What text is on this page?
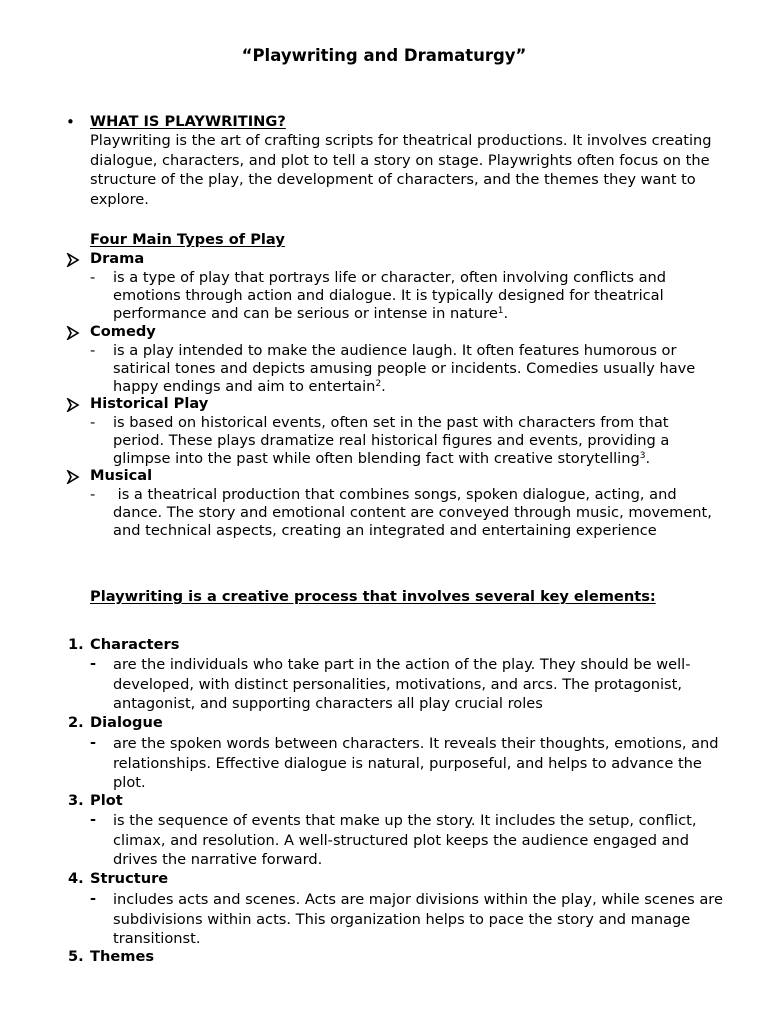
“Playwriting and Dramaturgy”
• WHAT IS PLAYWRITING?
Playwriting is the art of crafting scripts for theatrical productions. It involves creating dialogue, characters, and plot to tell a story on stage. Playwrights often focus on the structure of the play, the development of characters, and the themes they want to explore.
Four Main Types of Play
Drama
- is a type of play that portrays life or character, often involving conflicts and emotions through action and dialogue. It is typically designed for theatrical performance and can be serious or intense in nature$^1$.
Comedy
- is a play intended to make the audience laugh. It often features humorous or satirical tones and depicts amusing people or incidents. Comedies usually have happy endings and aim to entertain$^2$.
Historical Play
- is based on historical events, often set in the past with characters from that period. These plays dramatize real historical figures and events, providing a glimpse into the past while often blending fact with creative storytelling$^3$.
Musical
- is a theatrical production that combines songs, spoken dialogue, acting, and dance. The story and emotional content are conveyed through music, movement, and technical aspects, creating an integrated and entertaining experience
Playwriting is a creative process that involves several key elements:
1. Characters
- are the individuals who take part in the action of the play. They should be well-developed, with distinct personalities, motivations, and arcs. The protagonist, antagonist, and supporting characters all play crucial roles
2. Dialogue
- are the spoken words between characters. It reveals their thoughts, emotions, and relationships. Effective dialogue is natural, purposeful, and helps to advance the plot.
3. Plot
- is the sequence of events that make up the story. It includes the setup, conflict, climax, and resolution. A well-structured plot keeps the audience engaged and drives the narrative forward.
4. Structure
- includes acts and scenes. Acts are major divisions within the play, while scenes are subdivisions within acts. This organization helps to pace the story and manage transitionst.
5. Themes
